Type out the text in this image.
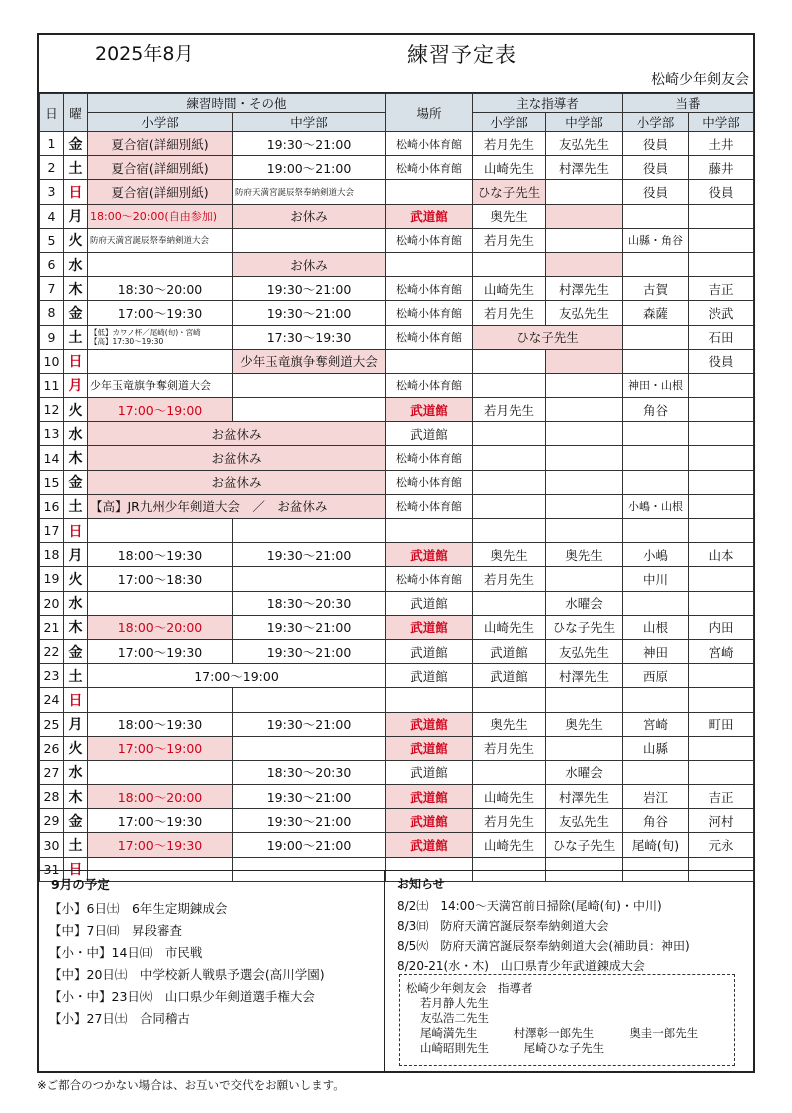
2025年8月	練習予定表
松崎少年剣友会
日	曜	練習時間・その他		場所	主な指導者		当番	
		小学部	中学部		小学部	中学部	小学部	中学部
1	金	夏合宿(詳細別紙)	19:30～21:00	松崎小体育館	若月先生	友弘先生	役員	土井
2	土	夏合宿(詳細別紙)	19:00～21:00	松崎小体育館	山崎先生	村澤先生	役員	藤井
3	日	夏合宿(詳細別紙)	防府天満宮誕辰祭奉納剣道大会		ひな子先生		役員	役員
4	月	18:00～20:00(自由参加)	お休み	武道館	奥先生			
5	火	防府天満宮誕辰祭奉納剣道大会		松崎小体育館	若月先生		山縣・角谷	
6	水		お休み					
7	木	18:30～20:00	19:30～21:00	松崎小体育館	山崎先生	村澤先生	古賀	吉正
8	金	17:00～19:30	19:30～21:00	松崎小体育館	若月先生	友弘先生	森薩	渋武
9	土	【低】カワノ杯／尾崎(旬)・宮崎
【高】17:30～19:30	17:30～19:30	松崎小体育館	ひな子先生			石田
10	日		少年玉竜旗争奪剣道大会					役員
11	月	少年玉竜旗争奪剣道大会		松崎小体育館			神田・山根	
12	火	17:00～19:00		武道館	若月先生		角谷	
13	水	お盆休み		武道館				
14	木	お盆休み		松崎小体育館				
15	金	お盆休み		松崎小体育館				
16	土	【高】JR九州少年剣道大会　／　お盆休み		松崎小体育館			小嶋・山根	
17	日							
18	月	18:00～19:30	19:30～21:00	武道館	奥先生	奥先生	小嶋	山本
19	火	17:00～18:30		松崎小体育館	若月先生		中川	
20	水		18:30～20:30	武道館		水曜会		
21	木	18:00～20:00	19:30～21:00	武道館	山崎先生	ひな子先生	山根	内田
22	金	17:00～19:30	19:30～21:00	武道館	武道館	友弘先生	神田	宮崎
23	土	17:00～19:00		武道館	武道館	村澤先生	西原	
24	日							
25	月	18:00～19:30	19:30～21:00	武道館	奥先生	奥先生	宮崎	町田
26	火	17:00～19:00		武道館	若月先生		山縣	
27	水		18:30～20:30	武道館		水曜会		
28	木	18:00～20:00	19:30～21:00	武道館	山崎先生	村澤先生	岩江	吉正
29	金	17:00～19:30	19:30～21:00	武道館	若月先生	友弘先生	角谷	河村
30	土	17:00～19:30	19:00～21:00	武道館	山崎先生	ひな子先生	尾崎(旬)	元永
31	日							
9月の予定
【小】6日㈯　6年生定期錬成会
【中】7日㈰　昇段審査
【小・中】14日㈰　市民戦
【中】20日㈯　中学校新人戦県予選会(高川学園)
【小・中】23日㈫　山口県少年剣道選手権大会
【小】27日㈯　合同稽古
お知らせ
8/2㈯　14:00～天満宮前日掃除(尾崎(旬)・中川)
8/3㈰　防府天満宮誕辰祭奉納剣道大会
8/5㈫　防府天満宮誕辰祭奉納剣道大会(補助員：神田)
8/20-21(水・木)　山口県青少年武道錬成大会
松崎少年剣友会　指導者
若月静人先生
友弘浩二先生
尾崎満先生	村澤彰一郎先生	奥圭一郎先生
山崎昭則先生	尾崎ひな子先生
※ご都合のつかない場合は、お互いで交代をお願いします。
